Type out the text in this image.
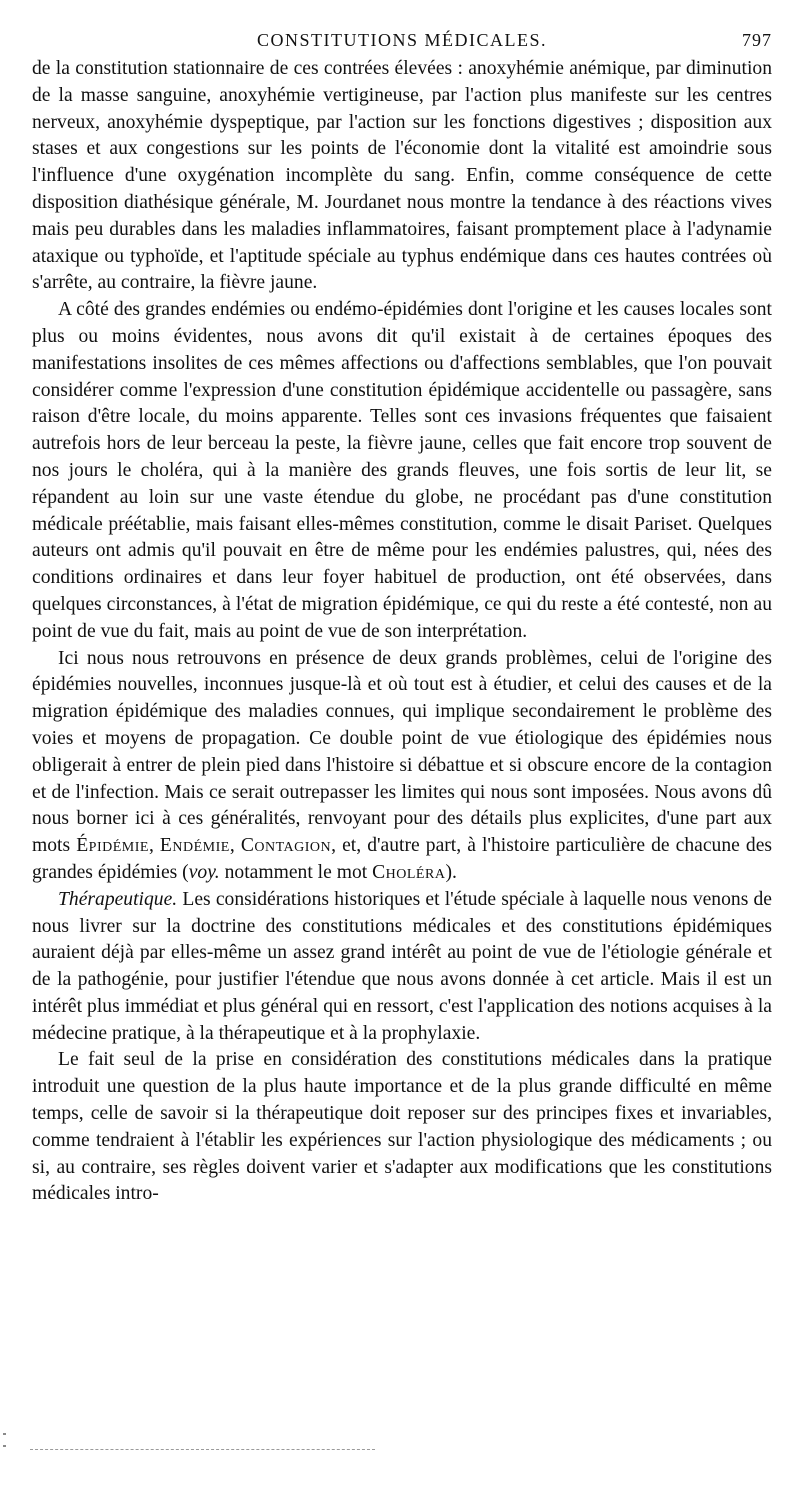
CONSTITUTIONS MÉDICALES.	797

de la constitution stationnaire de ces contrées élevées : anoxyhémie anémique, par diminution de la masse sanguine, anoxyhémie vertigineuse, par l'action plus manifeste sur les centres nerveux, anoxyhémie dyspeptique, par l'action sur les fonctions digestives ; disposition aux stases et aux congestions sur les points de l'économie dont la vitalité est amoindrie sous l'influence d'une oxygénation incomplète du sang. Enfin, comme conséquence de cette disposition diathésique générale, M. Jourdanet nous montre la tendance à des réactions vives mais peu durables dans les maladies inflammatoires, faisant promptement place à l'adynamie ataxique ou typhoïde, et l'aptitude spéciale au typhus endémique dans ces hautes contrées où s'arrête, au contraire, la fièvre jaune.

A côté des grandes endémies ou endémo-épidémies dont l'origine et les causes locales sont plus ou moins évidentes, nous avons dit qu'il existait à de certaines époques des manifestations insolites de ces mêmes affections ou d'affections semblables, que l'on pouvait considérer comme l'expression d'une constitution épidémique accidentelle ou passagère, sans raison d'être locale, du moins apparente. Telles sont ces invasions fréquentes que faisaient autrefois hors de leur berceau la peste, la fièvre jaune, celles que fait encore trop souvent de nos jours le choléra, qui à la manière des grands fleuves, une fois sortis de leur lit, se répandent au loin sur une vaste étendue du globe, ne procédant pas d'une constitution médicale préétablie, mais faisant elles-mêmes constitution, comme le disait Pariset. Quelques auteurs ont admis qu'il pouvait en être de même pour les endémies palustres, qui, nées des conditions ordinaires et dans leur foyer habituel de production, ont été observées, dans quelques circonstances, à l'état de migration épidémique, ce qui du reste a été contesté, non au point de vue du fait, mais au point de vue de son interprétation.

Ici nous nous retrouvons en présence de deux grands problèmes, celui de l'origine des épidémies nouvelles, inconnues jusque-là et où tout est à étudier, et celui des causes et de la migration épidémique des maladies connues, qui implique secondairement le problème des voies et moyens de propagation. Ce double point de vue étiologique des épidémies nous obligerait à entrer de plein pied dans l'histoire si débattue et si obscure encore de la contagion et de l'infection. Mais ce serait outrepasser les limites qui nous sont imposées. Nous avons dû nous borner ici à ces généralités, renvoyant pour des détails plus explicites, d'une part aux mots Épidémie, Endémie, Contagion, et, d'autre part, à l'histoire particulière de chacune des grandes épidémies (voy. notamment le mot Choléra).

Thérapeutique. Les considérations historiques et l'étude spéciale à laquelle nous venons de nous livrer sur la doctrine des constitutions médicales et des constitutions épidémiques auraient déjà par elles-même un assez grand intérêt au point de vue de l'étiologie générale et de la pathogénie, pour justifier l'étendue que nous avons donnée à cet article. Mais il est un intérêt plus immédiat et plus général qui en ressort, c'est l'application des notions acquises à la médecine pratique, à la thérapeutique et à la prophylaxie.

Le fait seul de la prise en considération des constitutions médicales dans la pratique introduit une question de la plus haute importance et de la plus grande difficulté en même temps, celle de savoir si la thérapeutique doit reposer sur des principes fixes et invariables, comme tendraient à l'établir les expériences sur l'action physiologique des médicaments ; ou si, au contraire, ses règles doivent varier et s'adapter aux modifications que les constitutions médicales intro-
